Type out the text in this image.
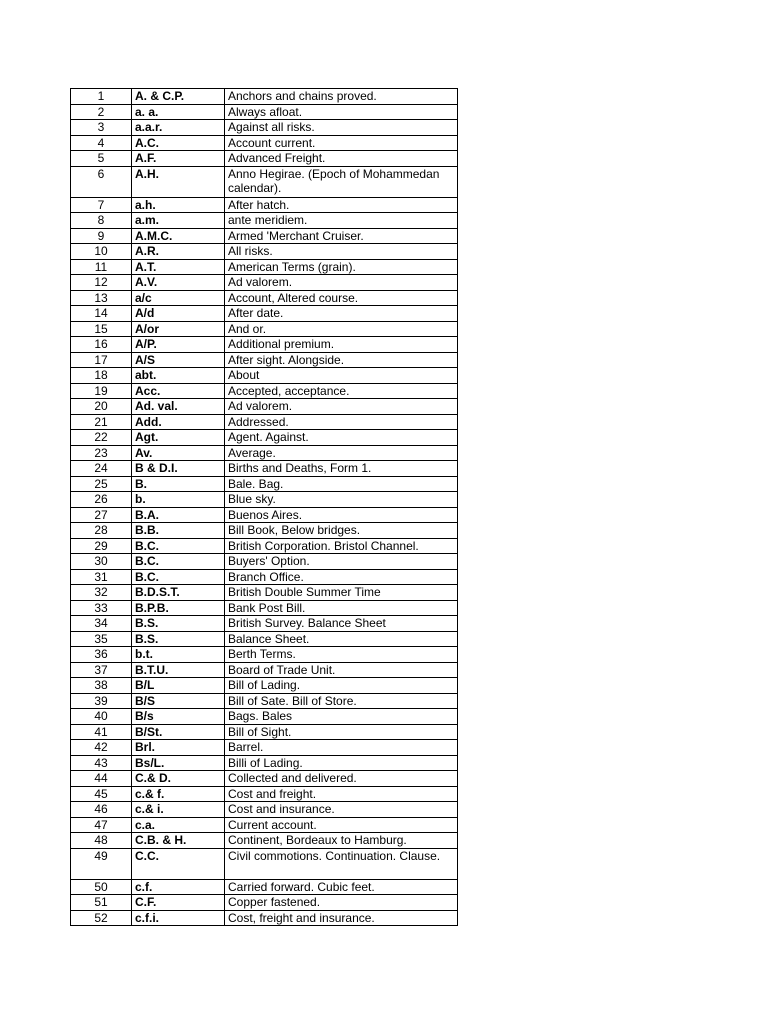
1	A. & C.P.	Anchors and chains proved.
2	a. a.	Always afloat.
3	a.a.r.	Against all risks.
4	A.C.	Account current.
5	A.F.	Advanced Freight.
6	A.H.	Anno Hegirae. (Epoch of Mohammedan calendar).
7	a.h.	After hatch.
8	a.m.	ante meridiem.
9	A.M.C.	Armed 'Merchant Cruiser.
10	A.R.	All risks.
11	A.T.	American Terms (grain).
12	A.V.	Ad valorem.
13	a/c	Account, Altered course.
14	A/d	After date.
15	A/or	And or.
16	A/P.	Additional premium.
17	A/S	After sight. Alongside.
18	abt.	About
19	Acc.	Accepted, acceptance.
20	Ad. val.	Ad valorem.
21	Add.	Addressed.
22	Agt.	Agent. Against.
23	Av.	Average.
24	B & D.I.	Births and Deaths, Form 1.
25	B.	Bale. Bag.
26	b.	Blue sky.
27	B.A.	Buenos Aires.
28	B.B.	Bill Book, Below bridges.
29	B.C.	British Corporation. Bristol Channel.
30	B.C.	Buyers' Option.
31	B.C.	Branch Office.
32	B.D.S.T.	British Double Summer Time
33	B.P.B.	Bank Post Bill.
34	B.S.	British Survey. Balance Sheet
35	B.S.	Balance Sheet.
36	b.t.	Berth Terms.
37	B.T.U.	Board of Trade Unit.
38	B/L	Bill of Lading.
39	B/S	Bill of Sate. Bill of Store.
40	B/s	Bags. Bales
41	B/St.	Bill of Sight.
42	Brl.	Barrel.
43	Bs/L.	Billi of Lading.
44	C.& D.	Collected and delivered.
45	c.& f.	Cost and freight.
46	c.& i.	Cost and insurance.
47	c.a.	Current account.
48	C.B. & H.	Continent, Bordeaux to Hamburg.
49	C.C.	Civil commotions. Continuation. Clause.
50	c.f.	Carried forward. Cubic feet.
51	C.F.	Copper fastened.
52	c.f.i.	Cost, freight and insurance.
